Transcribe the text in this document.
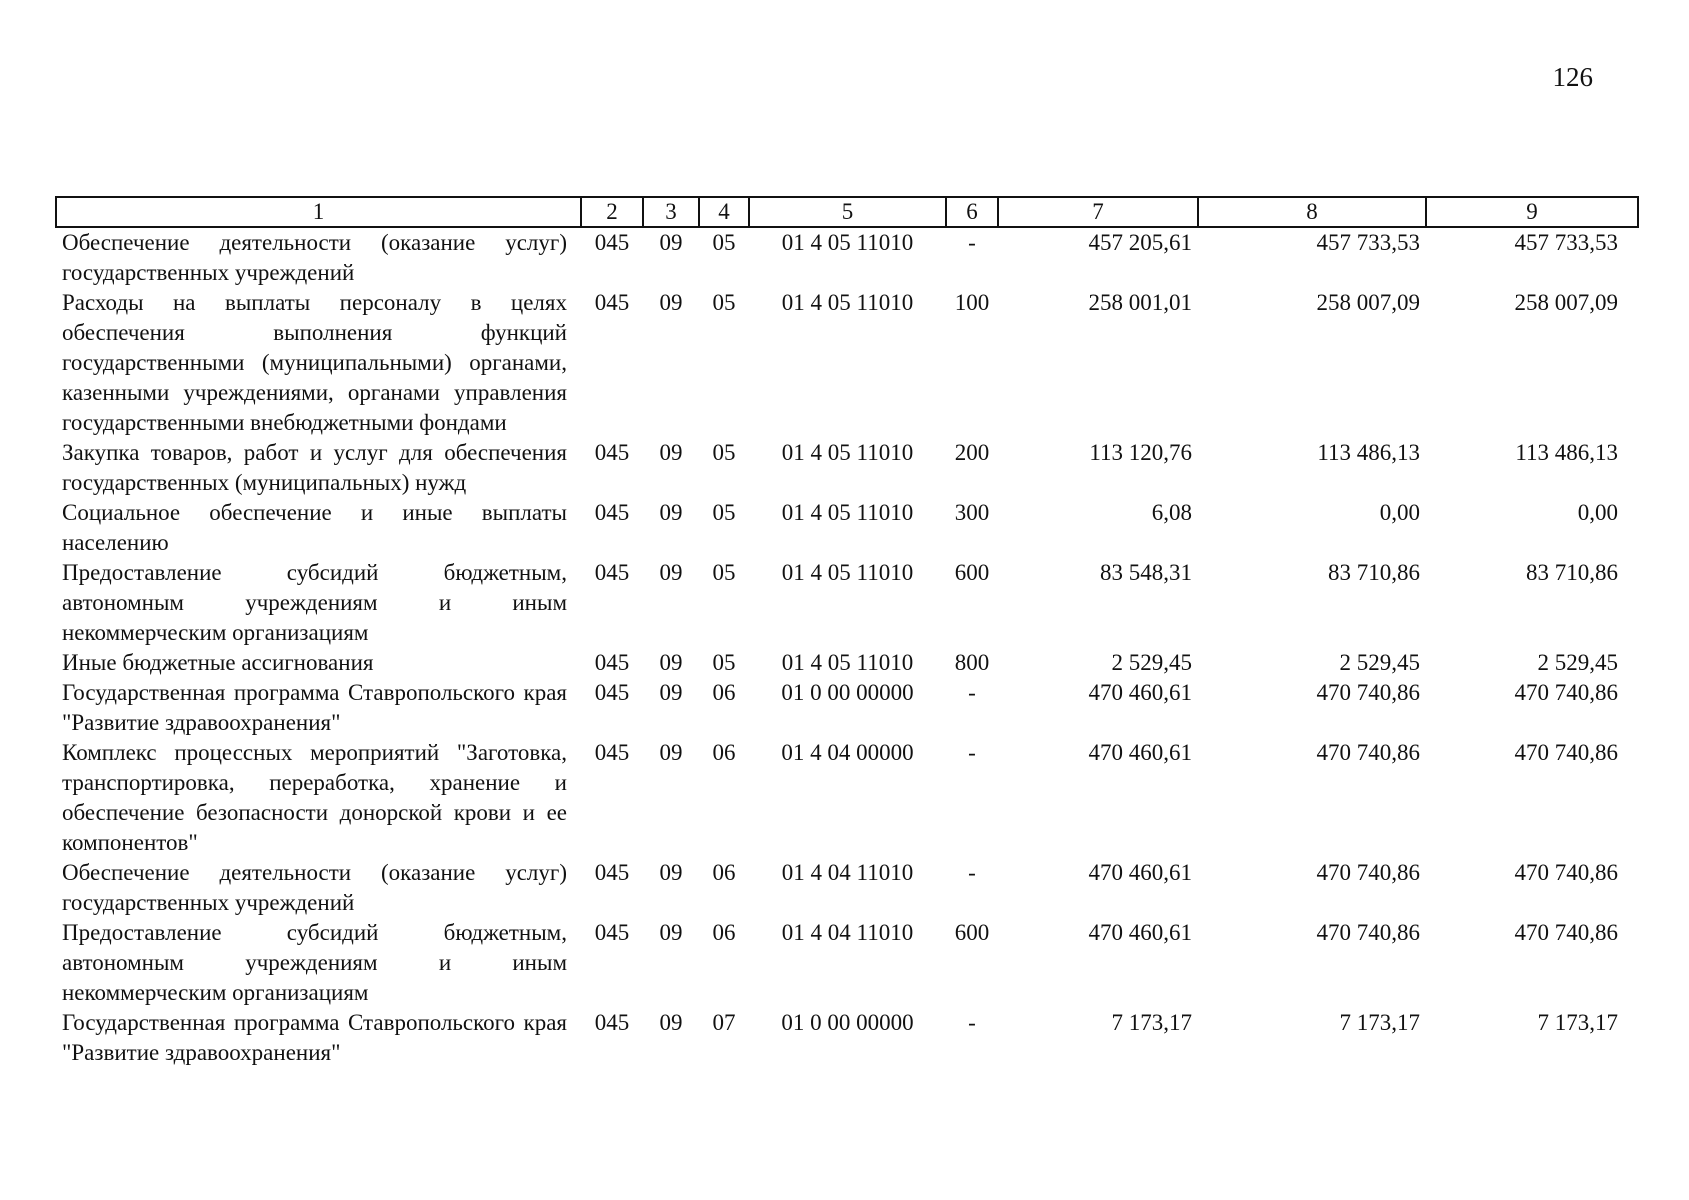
126
1	2	3	4	5	6	7	8	9
Обеспечение деятельности (оказание услуг) государственных учреждений	045	09	05	01 4 05 11010	-	457 205,61	457 733,53	457 733,53
Расходы на выплаты персоналу в целях обеспечения выполнения функций государственными (муниципальными) органами, казенными учреждениями, органами управления государственными внебюджетными фондами	045	09	05	01 4 05 11010	100	258 001,01	258 007,09	258 007,09
Закупка товаров, работ и услуг для обеспечения государственных (муниципальных) нужд	045	09	05	01 4 05 11010	200	113 120,76	113 486,13	113 486,13
Социальное обеспечение и иные выплаты населению	045	09	05	01 4 05 11010	300	6,08	0,00	0,00
Предоставление субсидий бюджетным, автономным учреждениям и иным некоммерческим организациям	045	09	05	01 4 05 11010	600	83 548,31	83 710,86	83 710,86
Иные бюджетные ассигнования	045	09	05	01 4 05 11010	800	2 529,45	2 529,45	2 529,45
Государственная программа Ставропольского края "Развитие здравоохранения"	045	09	06	01 0 00 00000	-	470 460,61	470 740,86	470 740,86
Комплекс процессных мероприятий "Заготовка, транспортировка, переработка, хранение и обеспечение безопасности донорской крови и ее компонентов"	045	09	06	01 4 04 00000	-	470 460,61	470 740,86	470 740,86
Обеспечение деятельности (оказание услуг) государственных учреждений	045	09	06	01 4 04 11010	-	470 460,61	470 740,86	470 740,86
Предоставление субсидий бюджетным, автономным учреждениям и иным некоммерческим организациям	045	09	06	01 4 04 11010	600	470 460,61	470 740,86	470 740,86
Государственная программа Ставропольского края "Развитие здравоохранения"	045	09	07	01 0 00 00000	-	7 173,17	7 173,17	7 173,17
